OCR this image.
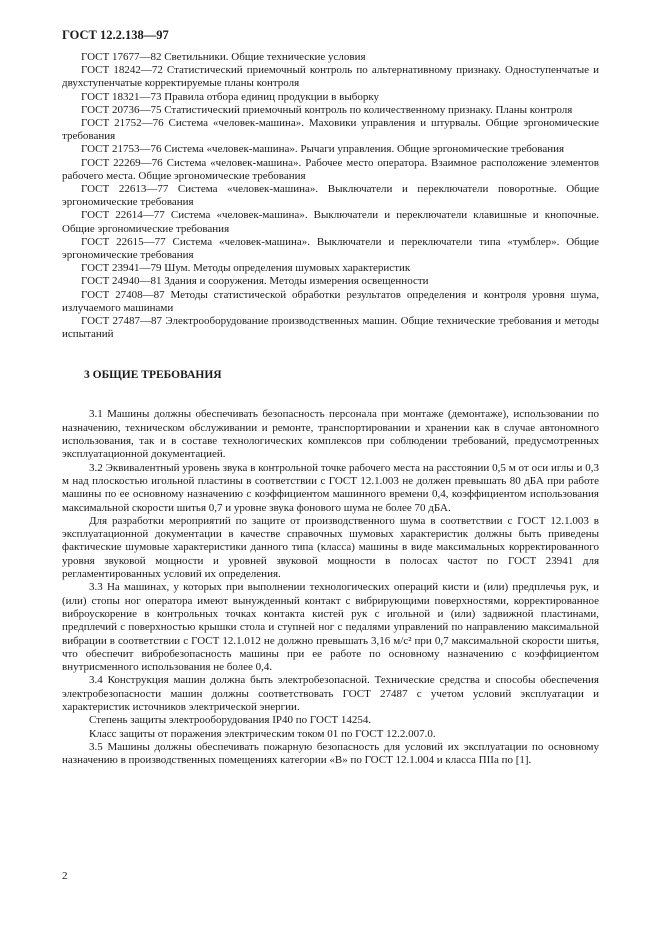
ГОСТ 12.2.138—97

ГОСТ 17677—82 Светильники. Общие технические условия

ГОСТ 18242—72 Статистический приемочный контроль по альтернативному признаку. Одноступенчатые и двухступенчатые корректируемые планы контроля

ГОСТ 18321—73 Правила отбора единиц продукции в выборку

ГОСТ 20736—75 Статистический приемочный контроль по количественному признаку. Планы контроля

ГОСТ 21752—76 Система «человек-машина». Маховики управления и штурвалы. Общие эргономические требования

ГОСТ 21753—76 Система «человек-машина». Рычаги управления. Общие эргономические требования

ГОСТ 22269—76 Система «человек-машина». Рабочее место оператора. Взаимное расположение элементов рабочего места. Общие эргономические требования

ГОСТ 22613—77 Система «человек-машина». Выключатели и переключатели поворотные. Общие эргономические требования

ГОСТ 22614—77 Система «человек-машина». Выключатели и переключатели клавишные и кнопочные. Общие эргономические требования

ГОСТ 22615—77 Система «человек-машина». Выключатели и переключатели типа «тумблер». Общие эргономические требования

ГОСТ 23941—79 Шум. Методы определения шумовых характеристик

ГОСТ 24940—81 Здания и сооружения. Методы измерения освещенности

ГОСТ 27408—87 Методы статистической обработки результатов определения и контроля уровня шума, излучаемого машинами

ГОСТ 27487—87 Электрооборудование производственных машин. Общие технические требования и методы испытаний

3 ОБЩИЕ ТРЕБОВАНИЯ

3.1 Машины должны обеспечивать безопасность персонала при монтаже (демонтаже), использовании по назначению, техническом обслуживании и ремонте, транспортировании и хранении как в случае автономного использования, так и в составе технологических комплексов при соблюдении требований, предусмотренных эксплуатационной документацией.

3.2 Эквивалентный уровень звука в контрольной точке рабочего места на расстоянии 0,5 м от оси иглы и 0,3 м над плоскостью игольной пластины в соответствии с ГОСТ 12.1.003 не должен превышать 80 дБА при работе машины по ее основному назначению с коэффициентом машинного времени 0,4, коэффициентом использования максимальной скорости шитья 0,7 и уровне звука фонового шума не более 70 дБА.

Для разработки мероприятий по защите от производственного шума в соответствии с ГОСТ 12.1.003 в эксплуатационной документации в качестве справочных шумовых характеристик должны быть приведены фактические шумовые характеристики данного типа (класса) машины в виде максимальных корректированного уровня звуковой мощности и уровней звуковой мощности в полосах частот по ГОСТ 23941 для регламентированных условий их определения.

3.3 На машинах, у которых при выполнении технологических операций кисти и (или) предплечья рук, и (или) стопы ног оператора имеют вынужденный контакт с вибрирующими поверхностями, корректированное виброускорение в контрольных точках контакта кистей рук с игольной и (или) задвижной пластинами, предплечий с поверхностью крышки стола и ступней ног с педалями управлений по направлению максимальной вибрации в соответствии с ГОСТ 12.1.012 не должно превышать 3,16 м/с² при 0,7 максимальной скорости шитья, что обеспечит вибробезопасность машины при ее работе по основному назначению с коэффициентом внутрисменного использования не более 0,4.

3.4 Конструкция машин должна быть электробезопасной. Технические средства и способы обеспечения электробезопасности машин должны соответствовать ГОСТ 27487 с учетом условий эксплуатации и характеристик источников электрической энергии.

Степень защиты электрооборудования IP40 по ГОСТ 14254.

Класс защиты от поражения электрическим током 01 по ГОСТ 12.2.007.0.

3.5 Машины должны обеспечивать пожарную безопасность для условий их эксплуатации по основному назначению в производственных помещениях категории «В» по ГОСТ 12.1.004 и класса ПIIa по [1].

2
